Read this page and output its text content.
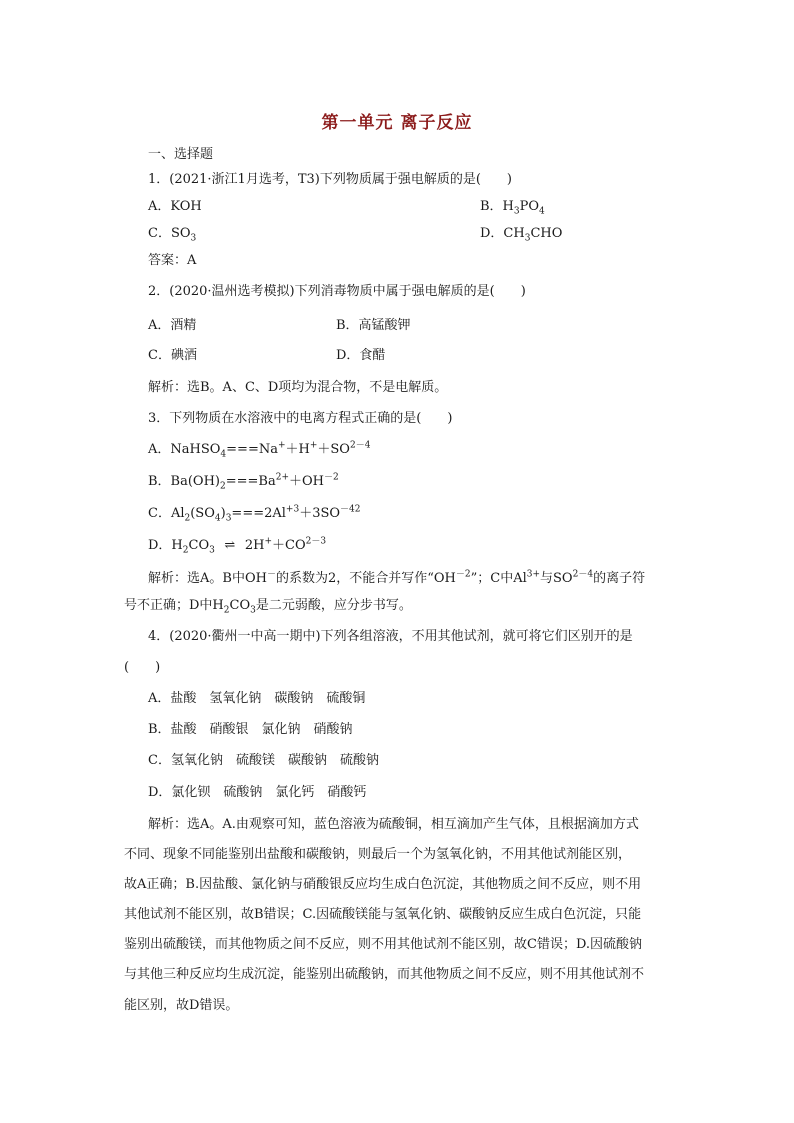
第一单元 离子反应
一、选择题
1．(2021·浙江1月选考，T3)下列物质属于强电解质的是(　　)
A．KOH	B．$H_3PO_4$
C．$SO_3$	D．$CH_3CHO$
答案：A
2．(2020·温州选考模拟)下列消毒物质中属于强电解质的是(　　)
A．酒精	B．高锰酸钾
C．碘酒	D．食醋
解析：选B。A、C、D项均为混合物，不是电解质。
3．下列物质在水溶液中的电离方程式正确的是(　　)
A．$NaHSO_4===Na^++H^++SO^{2-4}$
B．$Ba(OH)_2===Ba^{2+}+OH^{-2}$
C．$Al_2(SO_4)_3===2Al^{+3}+3SO^{-42}$
D．$H_2CO_3$ ⇌ $2H^++CO^{2-3}$
解析：选A。B中OH－的系数为2，不能合并写作“$OH^{-2}$”；C中$Al^{3+}$与$SO^{2-4}$的离子符
号不正确；D中$H_2CO_3$是二元弱酸，应分步书写。
4．(2020·衢州一中高一期中)下列各组溶液，不用其他试剂，就可将它们区别开的是
(　　)
A．盐酸　氢氧化钠　碳酸钠　硫酸铜
B．盐酸　硝酸银　氯化钠　硝酸钠
C．氢氧化钠　硫酸镁　碳酸钠　硫酸钠
D．氯化钡　硫酸钠　氯化钙　硝酸钙
解析：选A。A.由观察可知，蓝色溶液为硫酸铜，相互滴加产生气体，且根据滴加方式
不同、现象不同能鉴别出盐酸和碳酸钠，则最后一个为氢氧化钠，不用其他试剂能区别，
故A正确；B.因盐酸、氯化钠与硝酸银反应均生成白色沉淀，其他物质之间不反应，则不用
其他试剂不能区别，故B错误；C.因硫酸镁能与氢氧化钠、碳酸钠反应生成白色沉淀，只能
鉴别出硫酸镁，而其他物质之间不反应，则不用其他试剂不能区别，故C错误；D.因硫酸钠
与其他三种反应均生成沉淀，能鉴别出硫酸钠，而其他物质之间不反应，则不用其他试剂不
能区别，故D错误。
